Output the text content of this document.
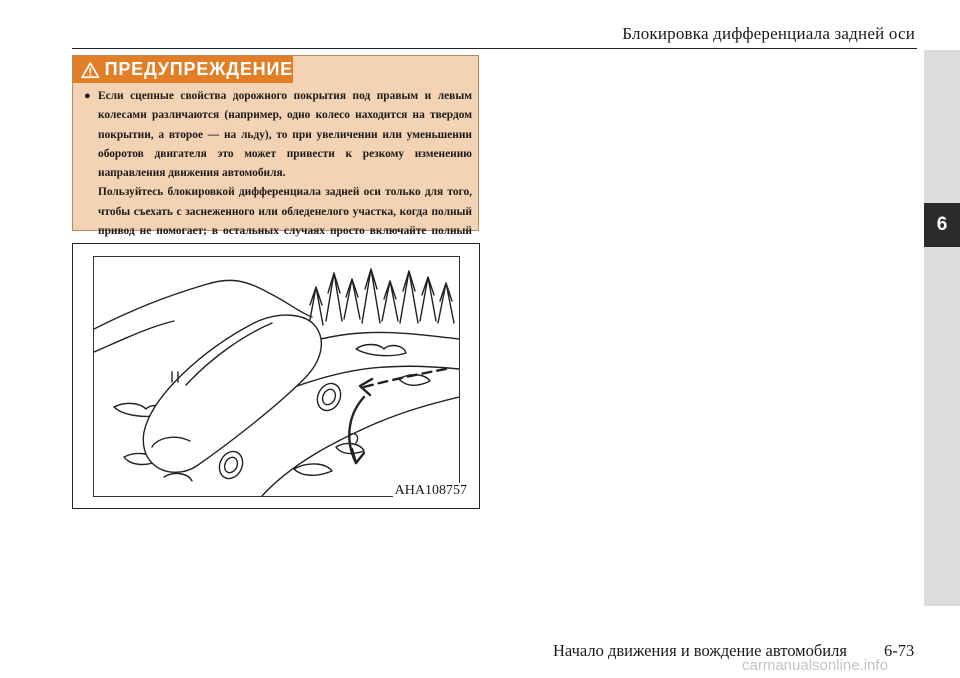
Блокировка дифференциала задней оси
6
ПРЕДУПРЕЖДЕНИЕ
● Если сцепные свойства дорожного покрытия под правым и левым колесами различаются (например, одно колесо находится на твердом покрытии, а второе — на льду), то при увеличении или уменьшении оборотов двигателя это может привести к резкому изменению направления движения автомобиля.
Пользуйтесь блокировкой дифференциала задней оси только для того, чтобы съехать с заснеженного или обледенелого участка, когда полный привод не помогает; в остальных случаях просто включайте полный
AHA108757
Начало движения и вождение автомобиля 6-73
carmanualsonline.info
